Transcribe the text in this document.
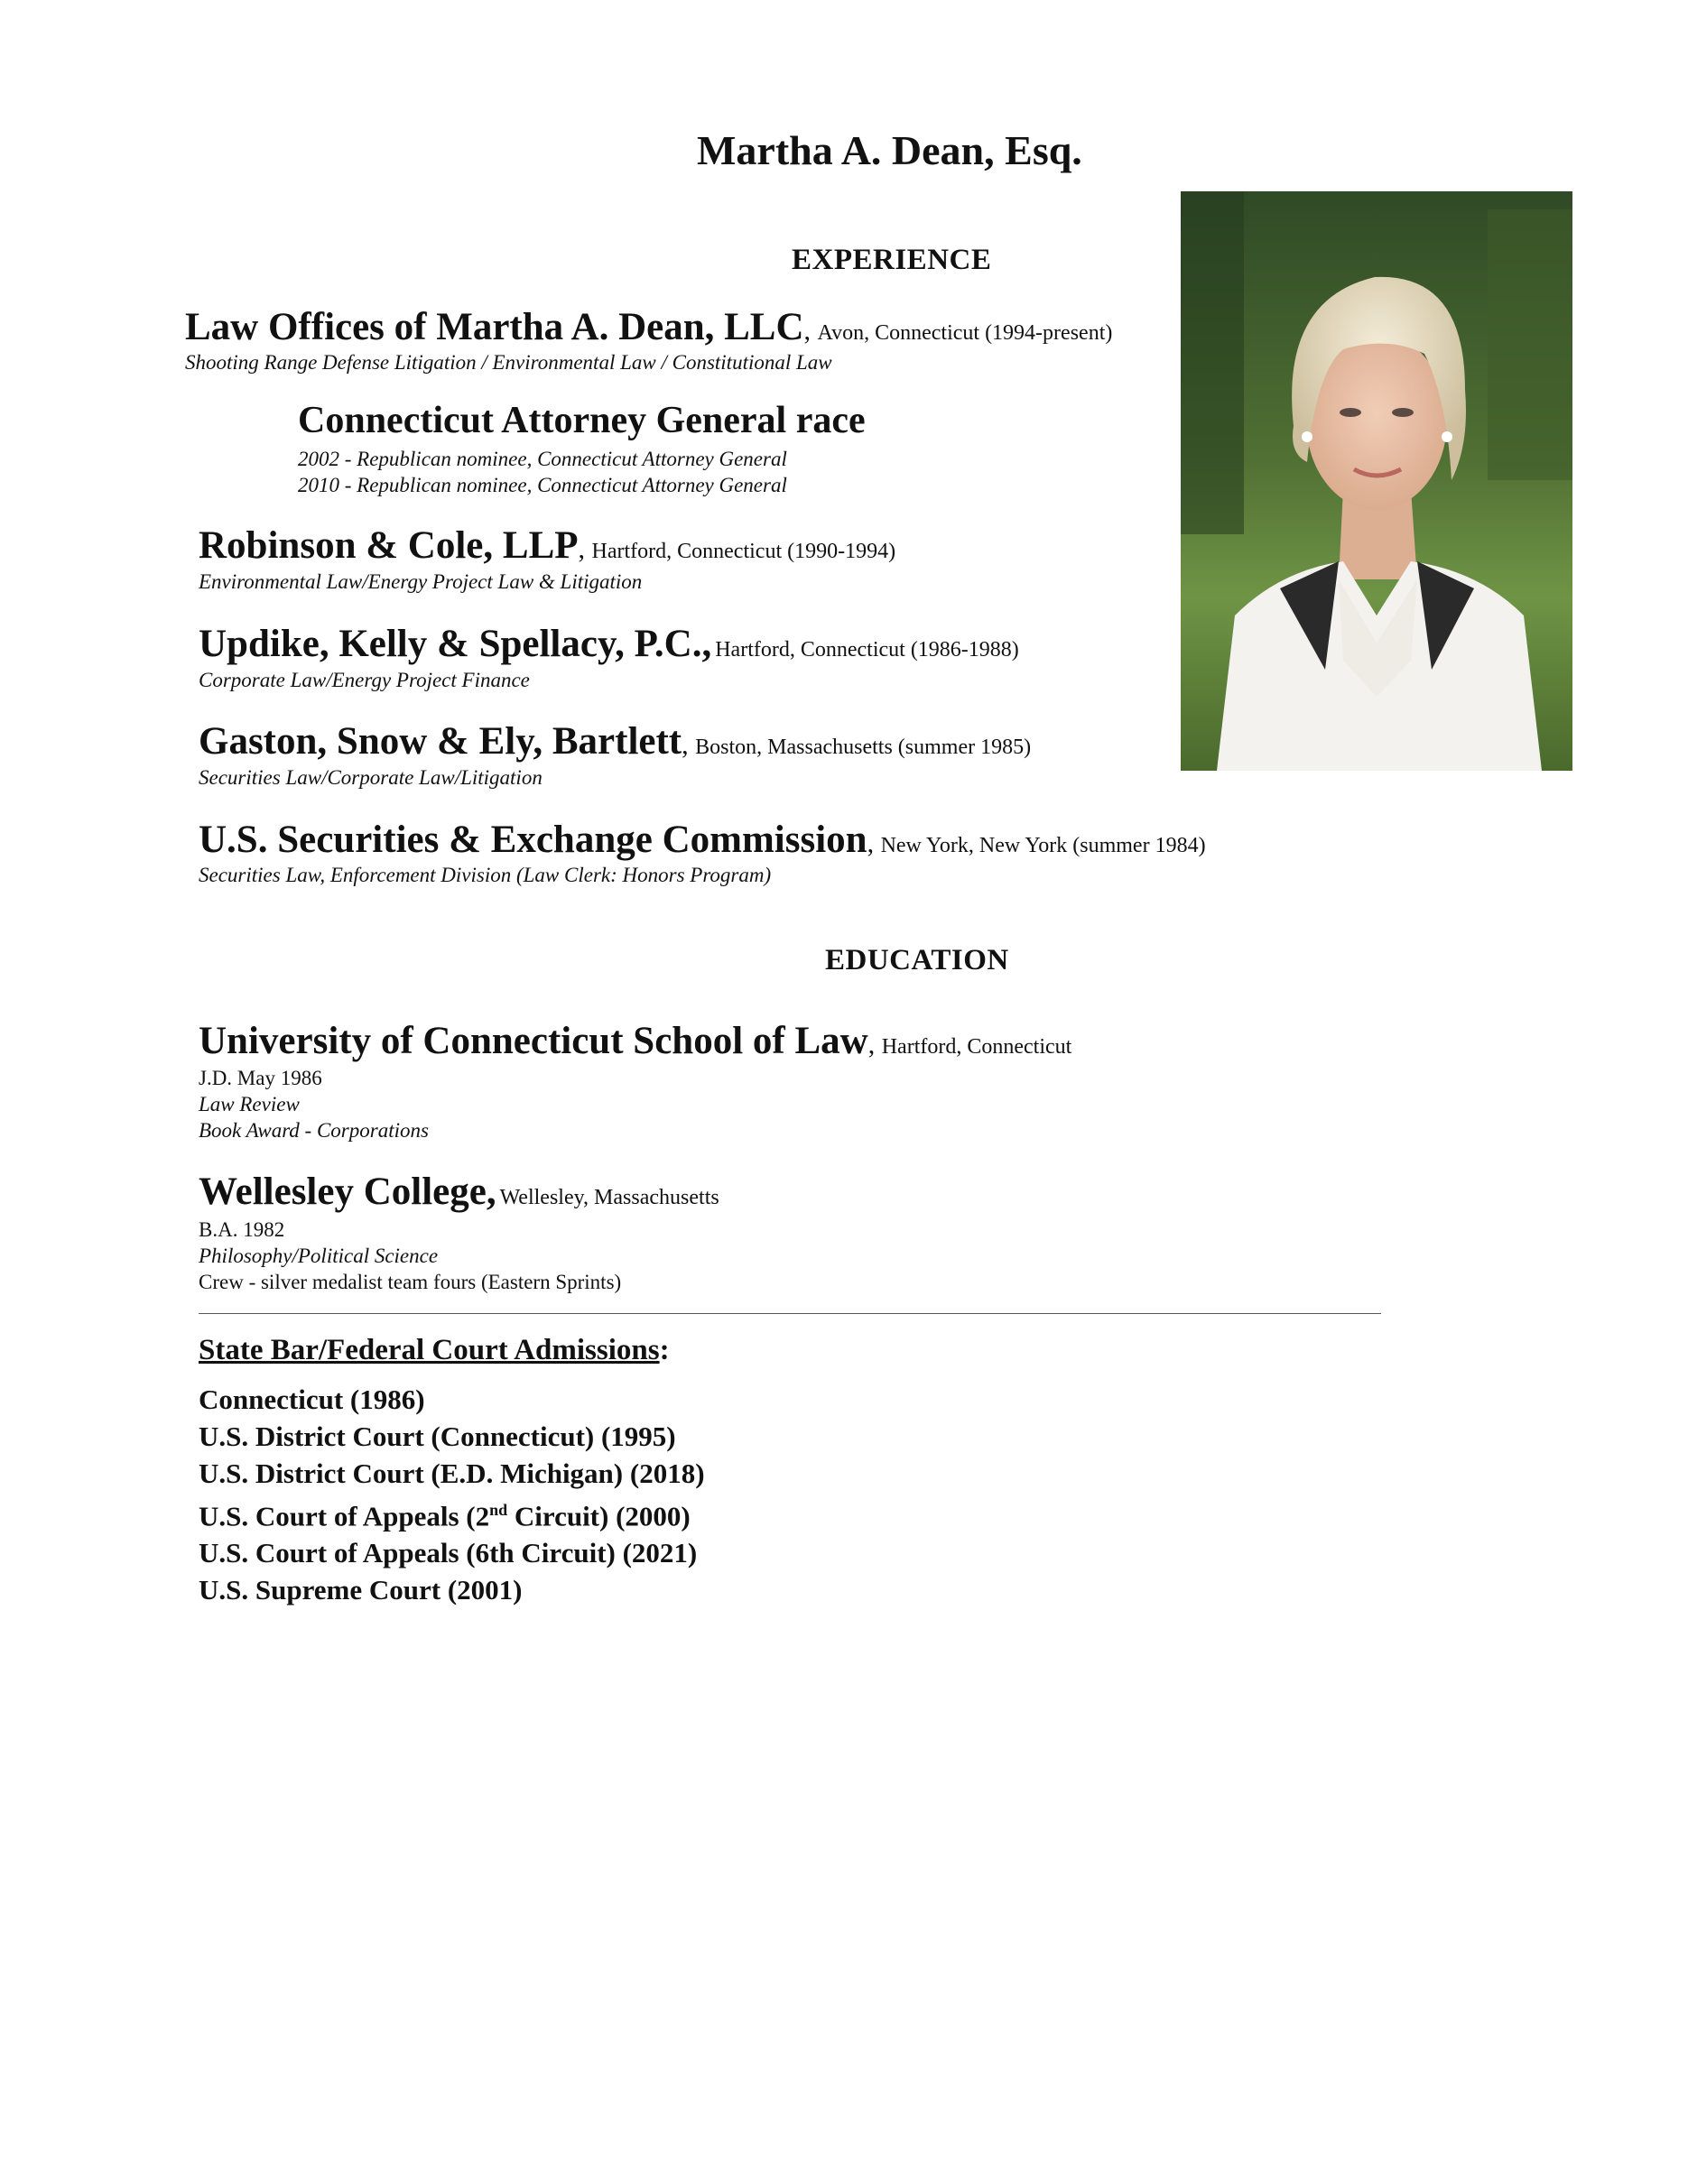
Martha A. Dean, Esq.
EXPERIENCE
Law Offices of Martha A. Dean, LLC, Avon, Connecticut (1994-present)
Shooting Range Defense Litigation / Environmental Law / Constitutional Law
Connecticut Attorney General race
2002 - Republican nominee, Connecticut Attorney General
2010 - Republican nominee, Connecticut Attorney General
Robinson & Cole, LLP, Hartford, Connecticut (1990-1994)
Environmental Law/Energy Project Law & Litigation
Updike, Kelly & Spellacy, P.C., Hartford, Connecticut (1986-1988)
Corporate Law/Energy Project Finance
Gaston, Snow & Ely, Bartlett, Boston, Massachusetts (summer 1985)
Securities Law/Corporate Law/Litigation
U.S. Securities & Exchange Commission, New York, New York (summer 1984)
Securities Law, Enforcement Division (Law Clerk: Honors Program)
EDUCATION
University of Connecticut School of Law, Hartford, Connecticut
J.D. May 1986
Law Review
Book Award - Corporations
Wellesley College, Wellesley, Massachusetts
B.A. 1982
Philosophy/Political Science
Crew - silver medalist team fours (Eastern Sprints)
State Bar/Federal Court Admissions:
Connecticut (1986)
U.S. District Court (Connecticut) (1995)
U.S. District Court (E.D. Michigan) (2018)
U.S. Court of Appeals (2nd Circuit) (2000)
U.S. Court of Appeals (6th Circuit) (2021)
U.S. Supreme Court (2001)
